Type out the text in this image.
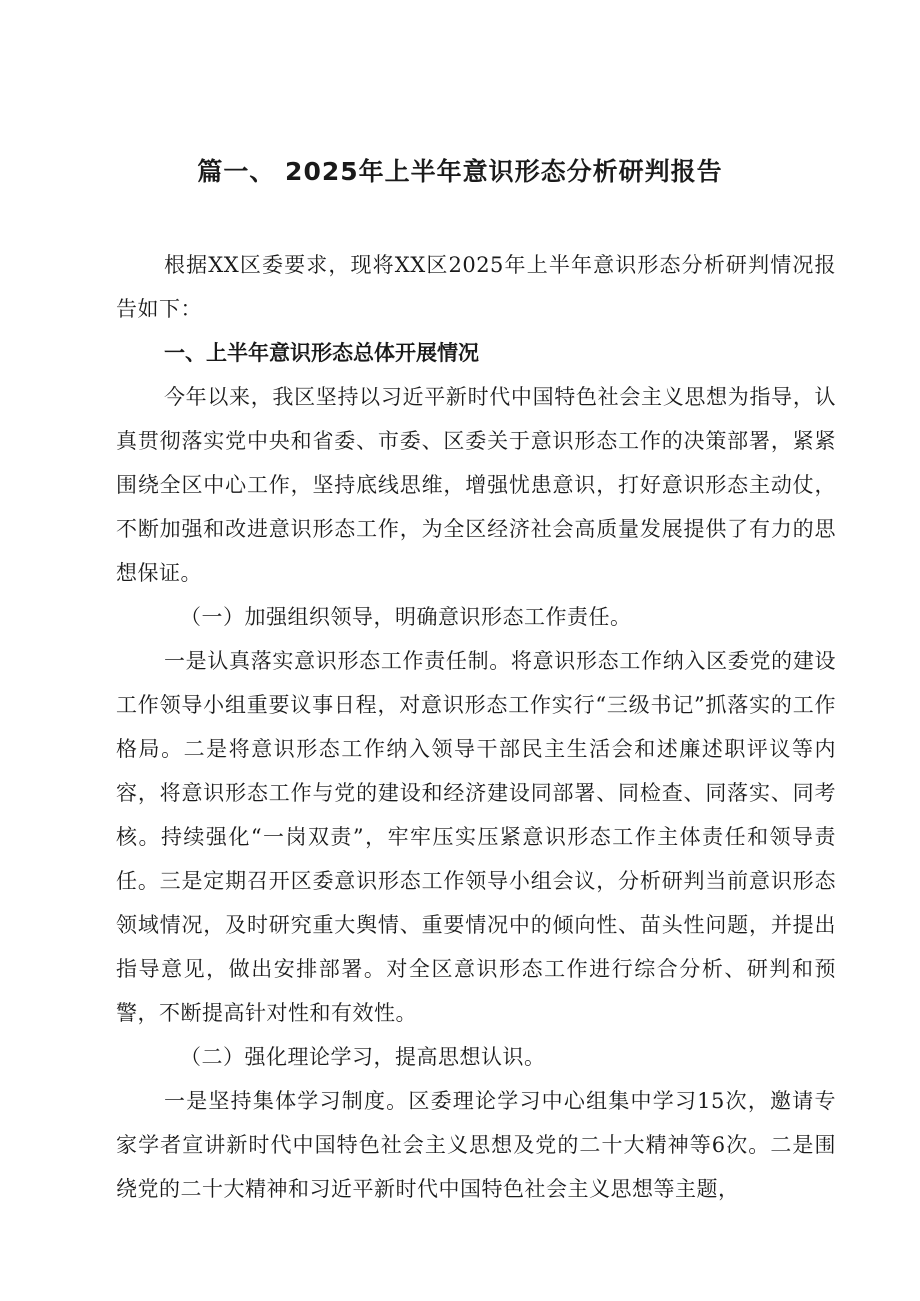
篇一、 2025年上半年意识形态分析研判报告

根据XX区委要求，现将XX区2025年上半年意识形态分析研判情况报告如下：

一、上半年意识形态总体开展情况

今年以来，我区坚持以习近平新时代中国特色社会主义思想为指导，认真贯彻落实党中央和省委、市委、区委关于意识形态工作的决策部署，紧紧围绕全区中心工作，坚持底线思维，增强忧患意识，打好意识形态主动仗，不断加强和改进意识形态工作，为全区经济社会高质量发展提供了有力的思想保证。

（一）加强组织领导，明确意识形态工作责任。

一是认真落实意识形态工作责任制。将意识形态工作纳入区委党的建设工作领导小组重要议事日程，对意识形态工作实行“三级书记”抓落实的工作格局。二是将意识形态工作纳入领导干部民主生活会和述廉述职评议等内容，将意识形态工作与党的建设和经济建设同部署、同检查、同落实、同考核。持续强化“一岗双责”，牢牢压实压紧意识形态工作主体责任和领导责任。三是定期召开区委意识形态工作领导小组会议，分析研判当前意识形态领域情况，及时研究重大舆情、重要情况中的倾向性、苗头性问题，并提出指导意见，做出安排部署。对全区意识形态工作进行综合分析、研判和预警，不断提高针对性和有效性。

（二）强化理论学习，提高思想认识。

一是坚持集体学习制度。区委理论学习中心组集中学习15次，邀请专家学者宣讲新时代中国特色社会主义思想及党的二十大精神等6次。二是围绕党的二十大精神和习近平新时代中国特色社会主义思想等主题，
